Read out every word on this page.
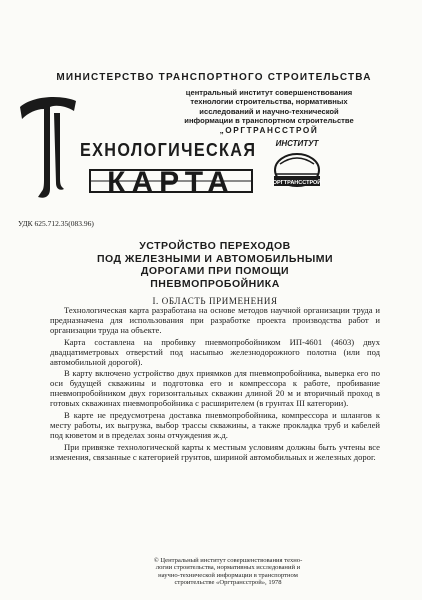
МИНИСТЕРСТВО ТРАНСПОРТНОГО СТРОИТЕЛЬСТВА
центральный институт совершенствования
технологии строительства, нормативных
исследований и научно-технической
информации в транспортном строительстве
„ОРГТРАНССТРОЙ
ЕХНОЛОГИЧЕСКАЯ
КАРТА
ИНСТИТУТ
ОРГТРАНССТРОЙ
УДК 625.712.35(083.96)
УСТРОЙСТВО ПЕРЕХОДОВ
ПОД ЖЕЛЕЗНЫМИ И АВТОМОБИЛЬНЫМИ
ДОРОГАМИ ПРИ ПОМОЩИ
ПНЕВМОПРОБОЙНИКА
I. ОБЛАСТЬ ПРИМЕНЕНИЯ

Технологическая карта разработана на основе методов научной организации труда и предназначена для использования при разработке проекта производства работ и организации труда на объекте.

Карта составлена на пробивку пневмопробойником ИП-4601 (4603) двух двадцатиметровых отверстий под насыпью железнодорожного полотна (или под автомобильной дорогой).

В карту включено устройство двух приямков для пневмопробойника, выверка его по оси будущей скважины и подготовка его и компрессора к работе, пробивание пневмопробойником двух горизонтальных скважин длиной 20 м и вторичный проход в готовых скважинах пневмопробойника с расширителем (в грунтах III категории).

В карте не предусмотрена доставка пневмопробойника, компрессора и шлангов к месту работы, их выгрузка, выбор трассы скважины, а также прокладка труб и кабелей под кюветом и в пределах зоны отчуждения ж.д.

При привязке технологической карты к местным условиям должны быть учтены все изменения, связанные с категорией грунтов, шириной автомобильных и железных дорог.

© Центральный институт совершенствования техно-
логии строительства, нормативных исследований и
научно-технической информации в транспортном
строительстве «Оргтрансстрой», 1978
